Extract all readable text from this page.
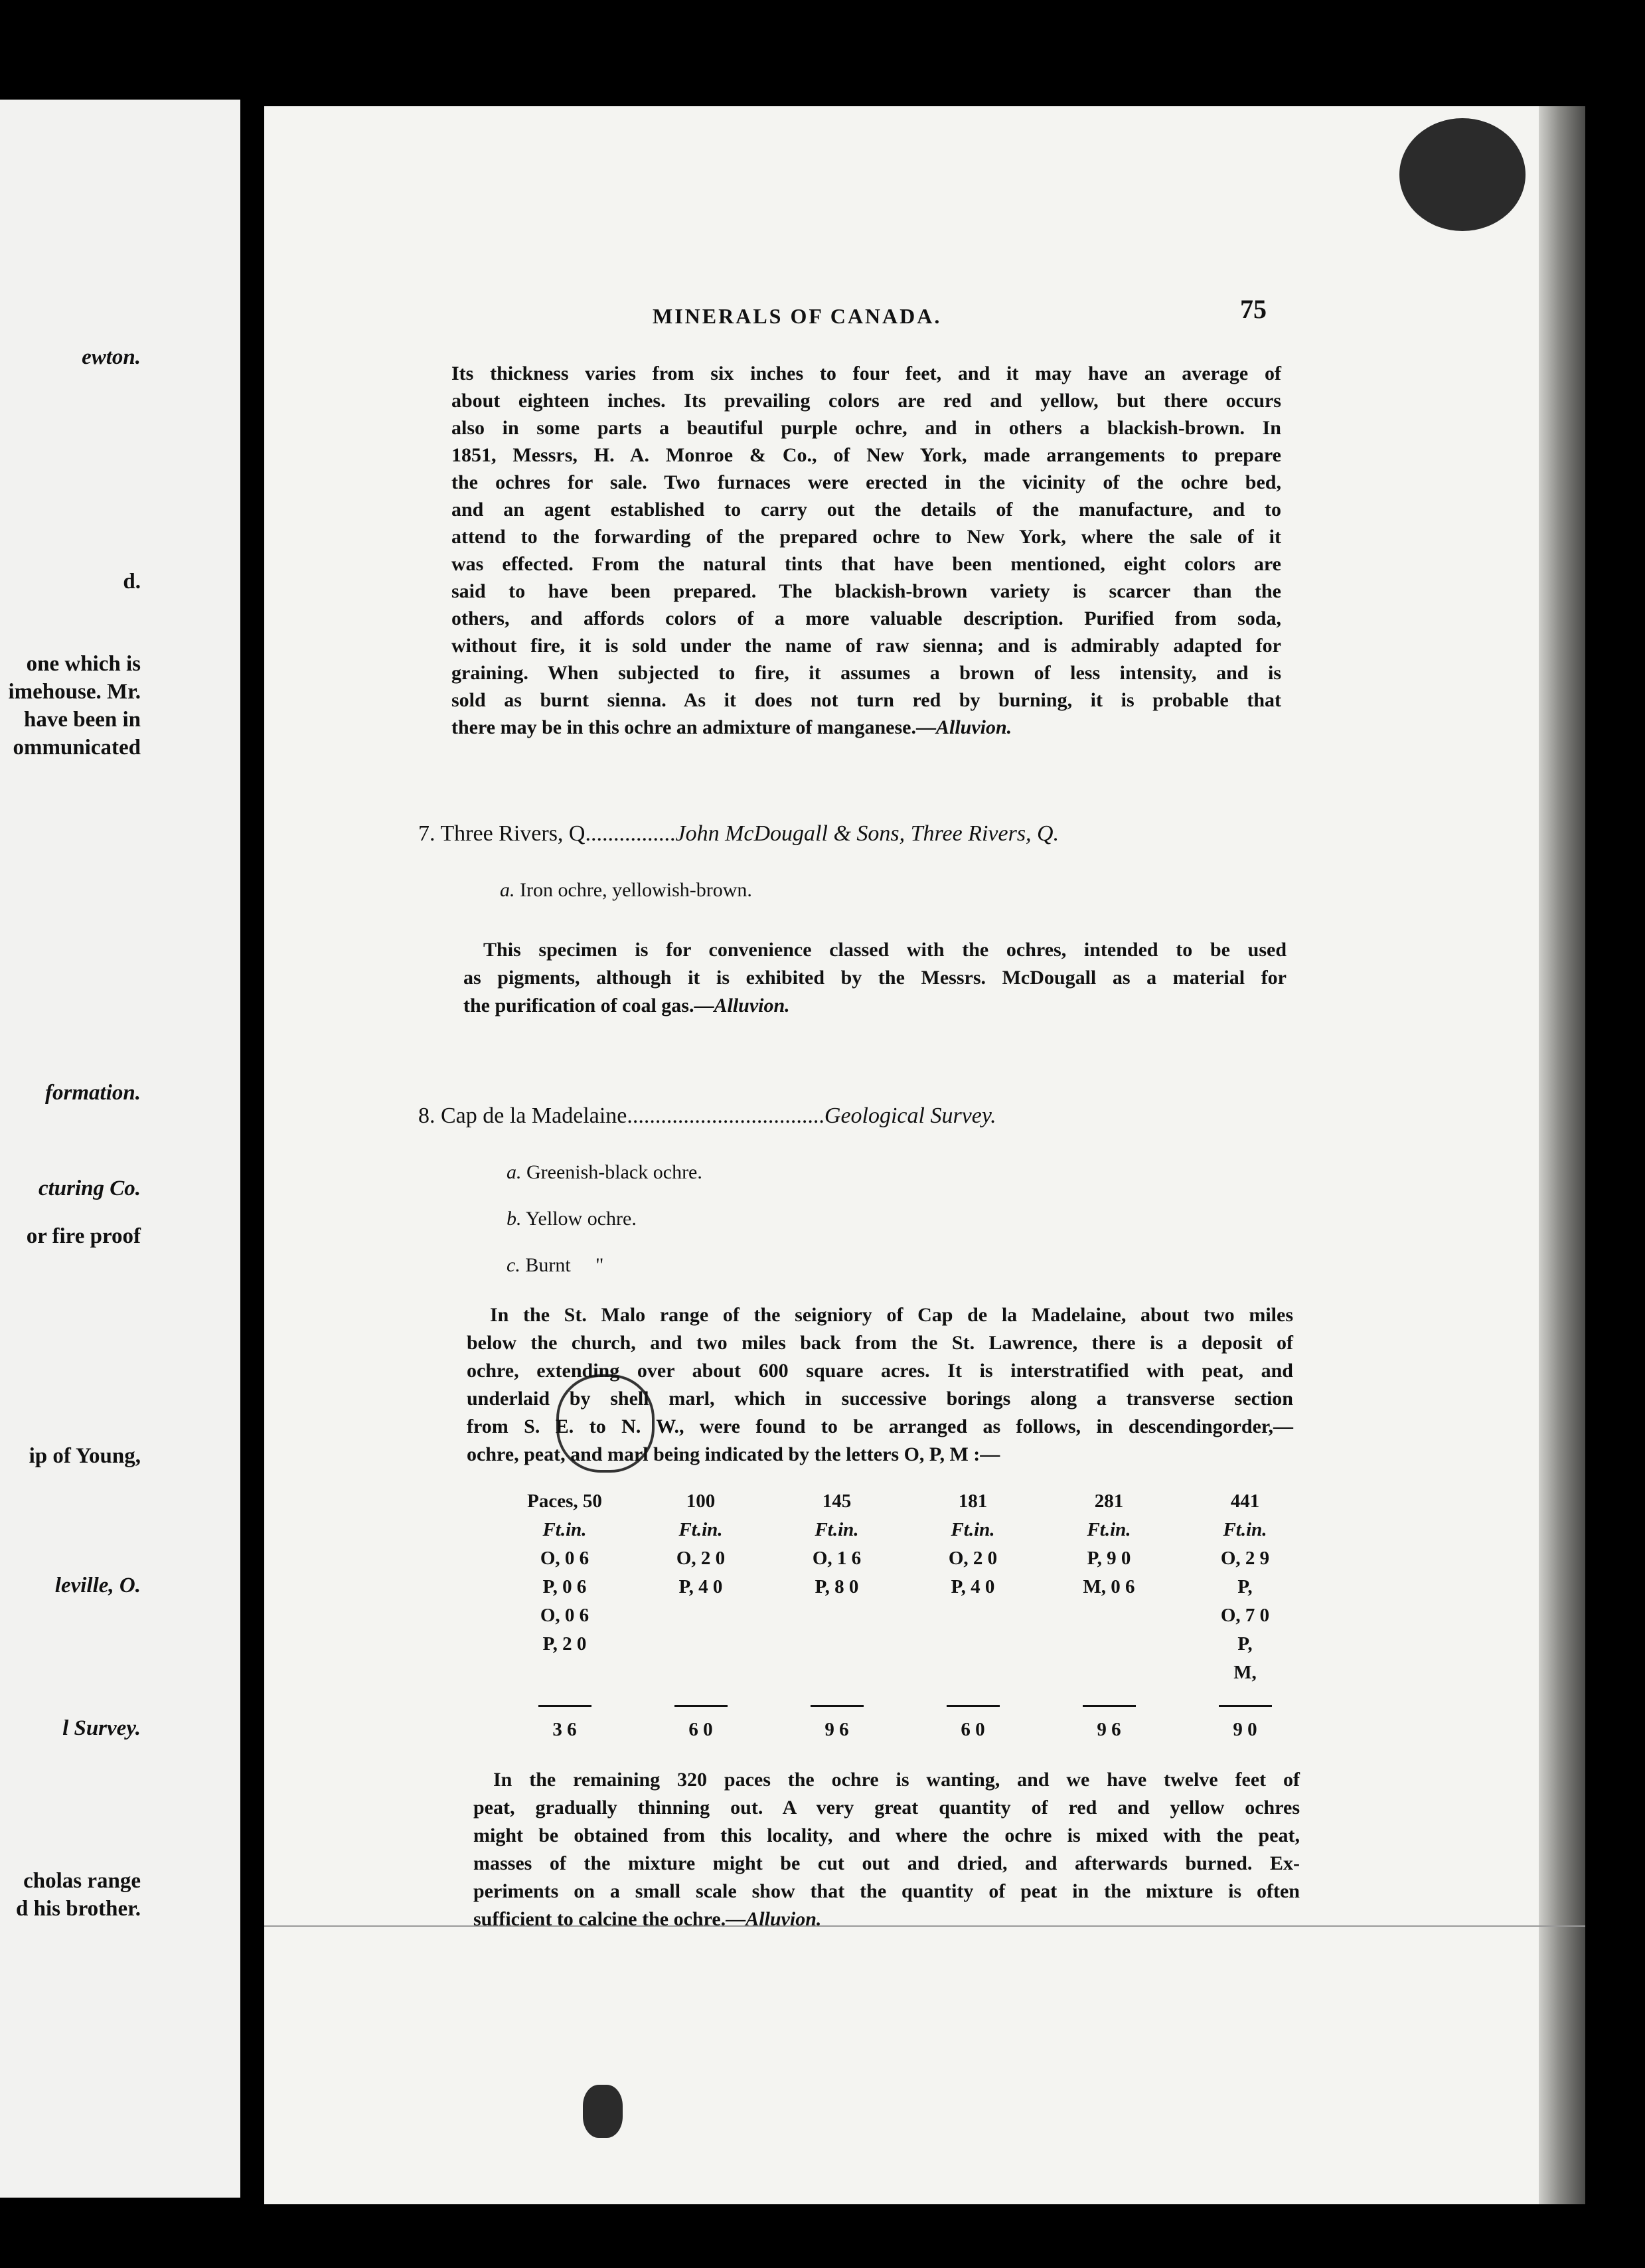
ewton.
d.
one which is
imehouse. Mr.
have been in
ommunicated
formation.
cturing Co.
or fire proof
ip of Young,
leville, O.
l Survey.
cholas range
d his brother.
MINERALS OF CANADA.	75
Its thickness varies from six inches to four feet, and it may have an average of
about eighteen inches. Its prevailing colors are red and yellow, but there occurs
also in some parts a beautiful purple ochre, and in others a blackish-brown. In
1851, Messrs, H. A. Monroe & Co., of New York, made arrangements to prepare
the ochres for sale. Two furnaces were erected in the vicinity of the ochre bed,
and an agent established to carry out the details of the manufacture, and to
attend to the forwarding of the prepared ochre to New York, where the sale of it
was effected. From the natural tints that have been mentioned, eight colors are
said to have been prepared. The blackish-brown variety is scarcer than the
others, and affords colors of a more valuable description. Purified from soda,
without fire, it is sold under the name of raw sienna; and is admirably adapted for
graining. When subjected to fire, it assumes a brown of less intensity, and is
sold as burnt sienna. As it does not turn red by burning, it is probable that
there may be in this ochre an admixture of manganese.—Alluvion.
7. Three Rivers, Q................John McDougall & Sons, Three Rivers, Q.
a. Iron ochre, yellowish-brown.
This specimen is for convenience classed with the ochres, intended to be used
as pigments, although it is exhibited by the Messrs. McDougall as a material for
the purification of coal gas.—Alluvion.
8. Cap de la Madelaine...................................Geological Survey.
a. Greenish-black ochre.
b. Yellow ochre.
c. Burnt     "
In the St. Malo range of the seigniory of Cap de la Madelaine, about two miles
below the church, and two miles back from the St. Lawrence, there is a deposit of
ochre, extending over about 600 square acres. It is interstratified with peat, and
underlaid by shell marl, which in successive borings along a transverse section
from S. E. to N. W., were found to be arranged as follows, in descendingorder,—
ochre, peat, and marl being indicated by the letters O, P, M :—
Paces, 50	100	145	181	281	441
Ft.in.	Ft.in.	Ft.in.	Ft.in.	Ft.in.	Ft.in.
O, 0 6	O, 2 0	O, 1 6	O, 2 0	P, 9 0	O, 2 9
P, 0 6	P, 4 0	P, 8 0	P, 4 0	M, 0 6	P,
O, 0 6					O, 7 0
P, 2 0					P,
					M,

3 6	6 0	9 6	6 0	9 6	9 0
In the remaining 320 paces the ochre is wanting, and we have twelve feet of
peat, gradually thinning out. A very great quantity of red and yellow ochres
might be obtained from this locality, and where the ochre is mixed with the peat,
masses of the mixture might be cut out and dried, and afterwards burned. Ex-
periments on a small scale show that the quantity of peat in the mixture is often
sufficient to calcine the ochre.—Alluvion.
